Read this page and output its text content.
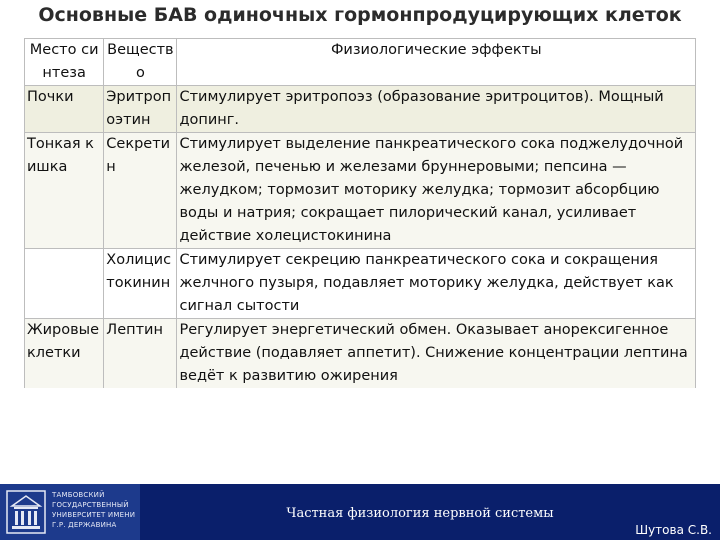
Основные БАВ одиночных гормонпродуцирующих клеток
Место синтеза	Вещество	Физиологические эффекты
Почки	Эритропоэтин	Стимулирует эритропоэз (образование эритроцитов). Мощный допинг.
Тонкая кишка	Секретин	Стимулирует выделение панкреатического сока поджелудочной железой, печенью и железами бруннеровыми; пепсина — желудком; тормозит моторику желудка; тормозит абсорбцию воды и натрия; сокращает пилорический канал, усиливает действие холецистокинина
	Холицистокинин	Стимулирует секрецию панкреатического сока и сокращения желчного пузыря, подавляет моторику желудка, действует как сигнал сытости
Жировые клетки	Лептин	Регулирует энергетический обмен. Оказывает анорексигенное действие (подавляет аппетит). Снижение концентрации лептина ведёт к развитию ожирения
ТАМБОВСКИЙ ГОСУДАРСТВЕННЫЙ УНИВЕРСИТЕТ ИМЕНИ Г.Р. ДЕРЖАВИНА
Частная физиология нервной системы
Шутова С.В.
